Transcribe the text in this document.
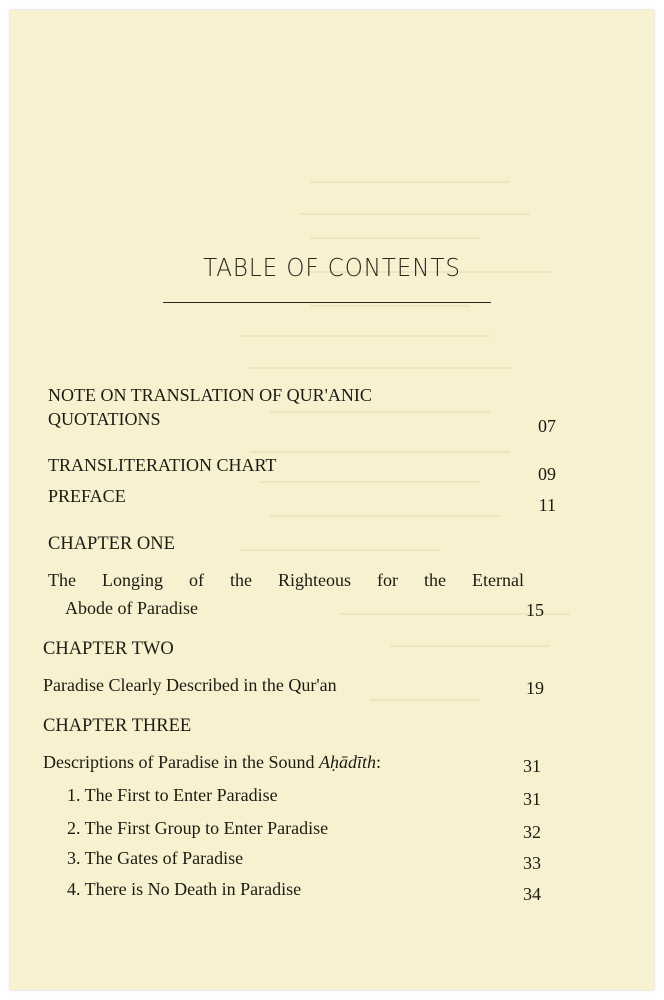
TABLE OF CONTENTS
NOTE ON TRANSLATION OF QUR'ANIC
QUOTATIONS	07
TRANSLITERATION CHART	09
PREFACE	11
CHAPTER ONE
The Longing of the Righteous for the Eternal
Abode of Paradise	15
CHAPTER TWO
Paradise Clearly Described in the Qur'an	19
CHAPTER THREE
Descriptions of Paradise in the Sound Aḥādīth:	31
1. The First to Enter Paradise	31
2. The First Group to Enter Paradise	32
3. The Gates of Paradise	33
4. There is No Death in Paradise	34
